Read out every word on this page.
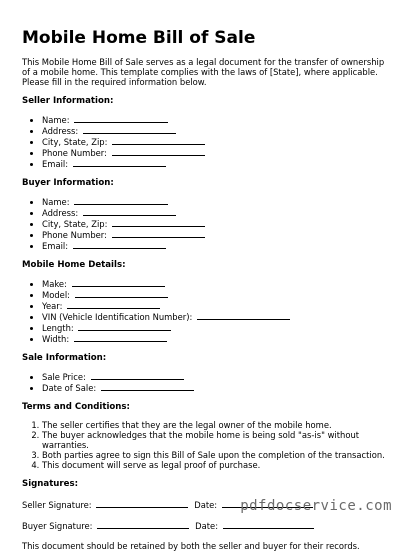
Mobile Home Bill of Sale

This Mobile Home Bill of Sale serves as a legal document for the transfer of ownership of a mobile home. This template complies with the laws of [State], where applicable. Please fill in the required information below.

Seller Information:
• Name:
• Address:
• City, State, Zip:
• Phone Number:
• Email:
Buyer Information:
• Name:
• Address:
• City, State, Zip:
• Phone Number:
• Email:
Mobile Home Details:
• Make:
• Model:
• Year:
• VIN (Vehicle Identification Number):
• Length:
• Width:
Sale Information:
• Sale Price:
• Date of Sale:
Terms and Conditions:
1. The seller certifies that they are the legal owner of the mobile home.
2. The buyer acknowledges that the mobile home is being sold "as-is" without warranties.
3. Both parties agree to sign this Bill of Sale upon the completion of the transaction.
4. This document will serve as legal proof of purchase.
Signatures:

Seller Signature:	Date:

Buyer Signature:	Date:

This document should be retained by both the seller and buyer for their records.

pdfdocservice.com
